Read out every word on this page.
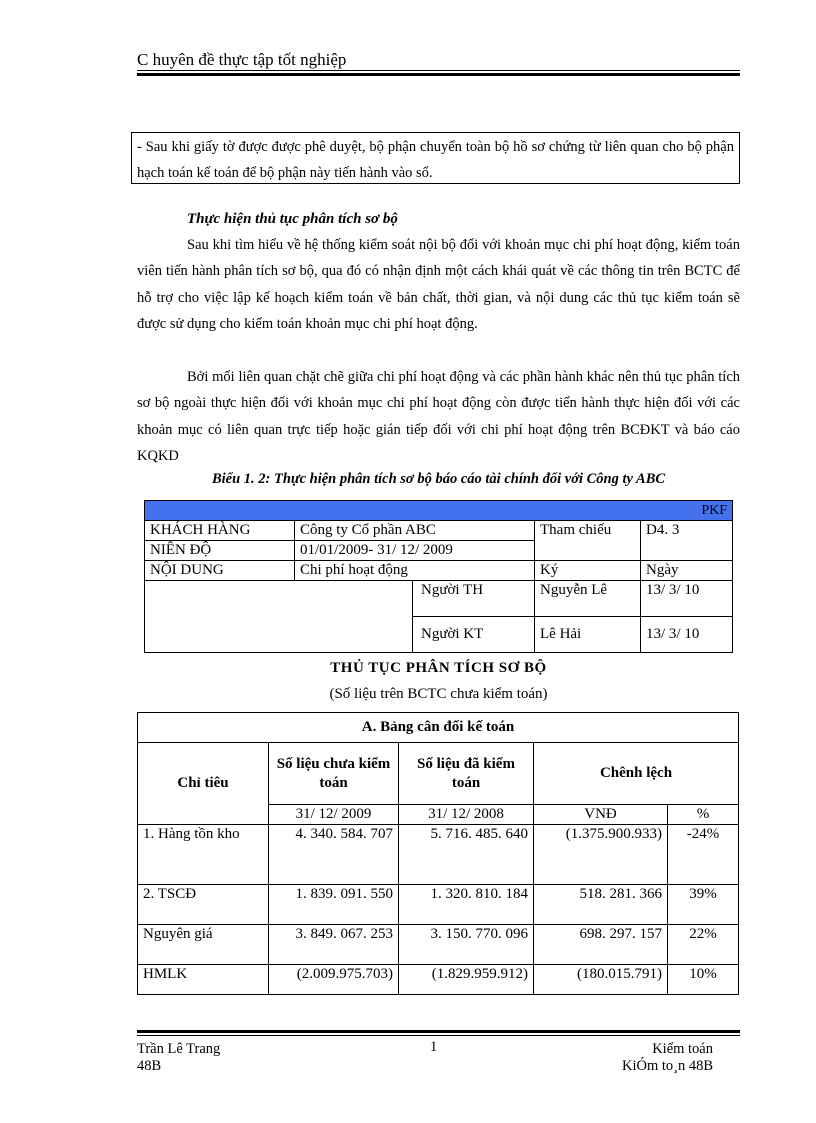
C huyên đề thực tập tốt nghiệp
- Sau khi giấy tờ được được phê duyệt, bộ phận chuyển toàn bộ hồ sơ chứng từ liên quan cho bộ phận hạch toán kế toán để bộ phận này tiến hành vào sổ.
Thực hiện thủ tục phân tích sơ bộ
Sau khi tìm hiểu về hệ thống kiểm soát nội bộ đối với khoản mục chi phí hoạt động, kiểm toán viên tiến hành phân tích sơ bộ, qua đó có nhận định một cách khái quát về các thông tin trên BCTC để hỗ trợ cho việc lập kế hoạch kiểm toán về bản chất, thời gian, và nội dung các thủ tục kiểm toán sẽ được sử dụng cho kiểm toán khoản mục chi phí hoạt động.
Bởi mối liên quan chặt chẽ giữa chi phí hoạt động và các phần hành khác nên thủ tục phân tích sơ bộ ngoài thực hiện đối với khoản mục chi phí hoạt động còn được tiến hành thực hiện đối với các khoản mục có liên quan trực tiếp hoặc gián tiếp đối với chi phí hoạt động trên BCĐKT và báo cáo KQKD
Biểu 1. 2: Thực hiện phân tích sơ bộ báo cáo tài chính đối với Công ty ABC
PKF				
KHÁCH HÀNG	Công ty Cổ phần ABC		Tham chiếu	D4. 3
NIÊN ĐỘ	01/01/2009- 31/ 12/ 2009			
NỘI DUNG	Chi phí hoạt động		Ký	Ngày
		Người TH	Nguyễn Lê	13/ 3/ 10
		Người KT	Lê Hải	13/ 3/ 10
THỦ TỤC PHÂN TÍCH SƠ BỘ
(Số liệu trên BCTC chưa kiểm toán)
A. Bảng cân đối kế toán				
Chỉ tiêu	Số liệu chưa kiểm toán	Số liệu đã kiểm toán	Chênh lệch	
	31/ 12/ 2009	31/ 12/ 2008	VNĐ	%
1. Hàng tồn kho	4. 340. 584. 707	5. 716. 485. 640	(1.375.900.933)	-24%
2. TSCĐ	1. 839. 091. 550	1. 320. 810. 184	518. 281. 366	39%
Nguyên giá	3. 849. 067. 253	3. 150. 770. 096	698. 297. 157	22%
HMLK	(2.009.975.703)	(1.829.959.912)	(180.015.791)	10%
Trần Lê Trang
48B
1	Kiểm toán
KiÓm to¸n 48B
